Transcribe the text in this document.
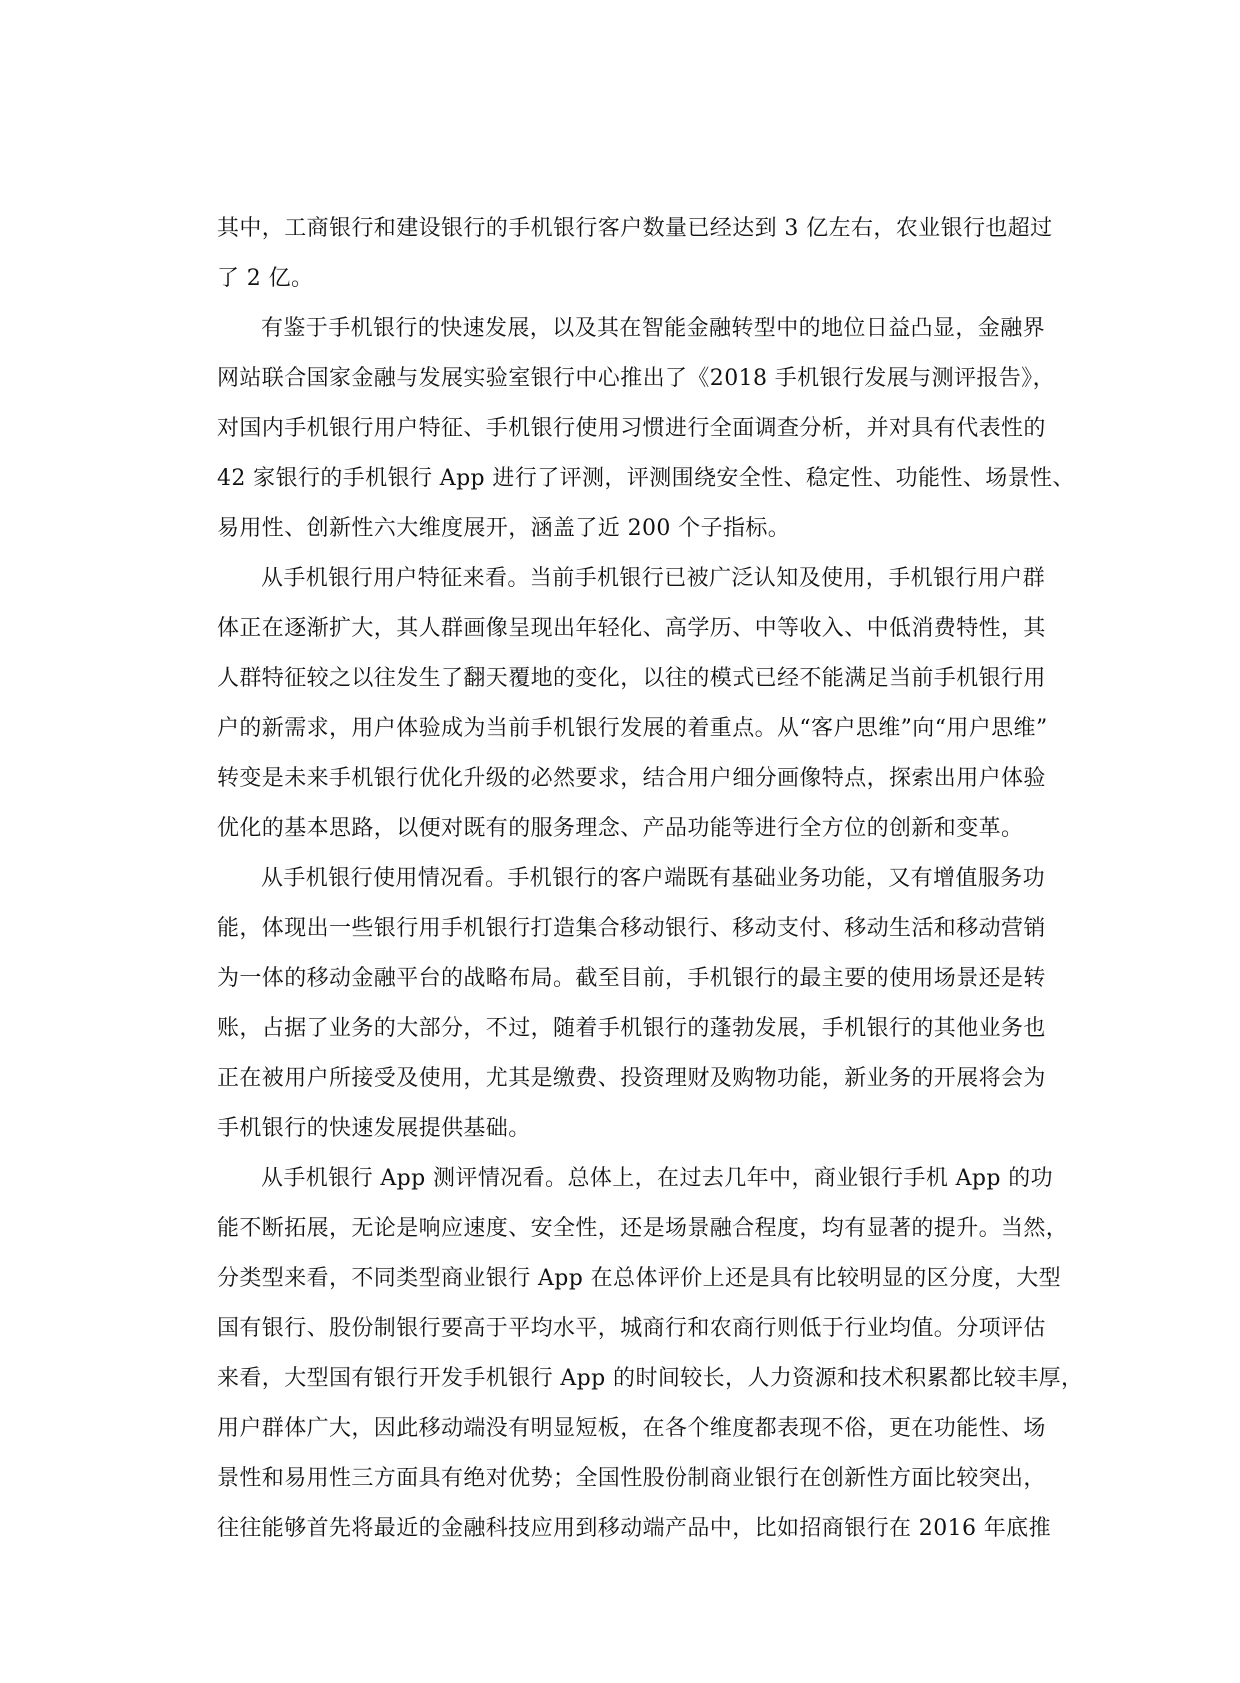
其中，工商银行和建设银行的手机银行客户数量已经达到 3 亿左右，农业银行也超过
了 2 亿。

有鉴于手机银行的快速发展，以及其在智能金融转型中的地位日益凸显，金融界
网站联合国家金融与发展实验室银行中心推出了《2018 手机银行发展与测评报告》，
对国内手机银行用户特征、手机银行使用习惯进行全面调查分析，并对具有代表性的
42 家银行的手机银行 App 进行了评测，评测围绕安全性、稳定性、功能性、场景性、
易用性、创新性六大维度展开，涵盖了近 200 个子指标。

从手机银行用户特征来看。当前手机银行已被广泛认知及使用，手机银行用户群
体正在逐渐扩大，其人群画像呈现出年轻化、高学历、中等收入、中低消费特性，其
人群特征较之以往发生了翻天覆地的变化，以往的模式已经不能满足当前手机银行用
户的新需求，用户体验成为当前手机银行发展的着重点。从“客户思维”向“用户思维”
转变是未来手机银行优化升级的必然要求，结合用户细分画像特点，探索出用户体验
优化的基本思路，以便对既有的服务理念、产品功能等进行全方位的创新和变革。

从手机银行使用情况看。手机银行的客户端既有基础业务功能，又有增值服务功
能，体现出一些银行用手机银行打造集合移动银行、移动支付、移动生活和移动营销
为一体的移动金融平台的战略布局。截至目前，手机银行的最主要的使用场景还是转
账，占据了业务的大部分，不过，随着手机银行的蓬勃发展，手机银行的其他业务也
正在被用户所接受及使用，尤其是缴费、投资理财及购物功能，新业务的开展将会为
手机银行的快速发展提供基础。

从手机银行 App 测评情况看。总体上，在过去几年中，商业银行手机 App 的功
能不断拓展，无论是响应速度、安全性，还是场景融合程度，均有显著的提升。当然，
分类型来看，不同类型商业银行 App 在总体评价上还是具有比较明显的区分度，大型
国有银行、股份制银行要高于平均水平，城商行和农商行则低于行业均值。分项评估
来看，大型国有银行开发手机银行 App 的时间较长，人力资源和技术积累都比较丰厚，
用户群体广大，因此移动端没有明显短板，在各个维度都表现不俗，更在功能性、场
景性和易用性三方面具有绝对优势；全国性股份制商业银行在创新性方面比较突出，
往往能够首先将最近的金融科技应用到移动端产品中，比如招商银行在 2016 年底推
